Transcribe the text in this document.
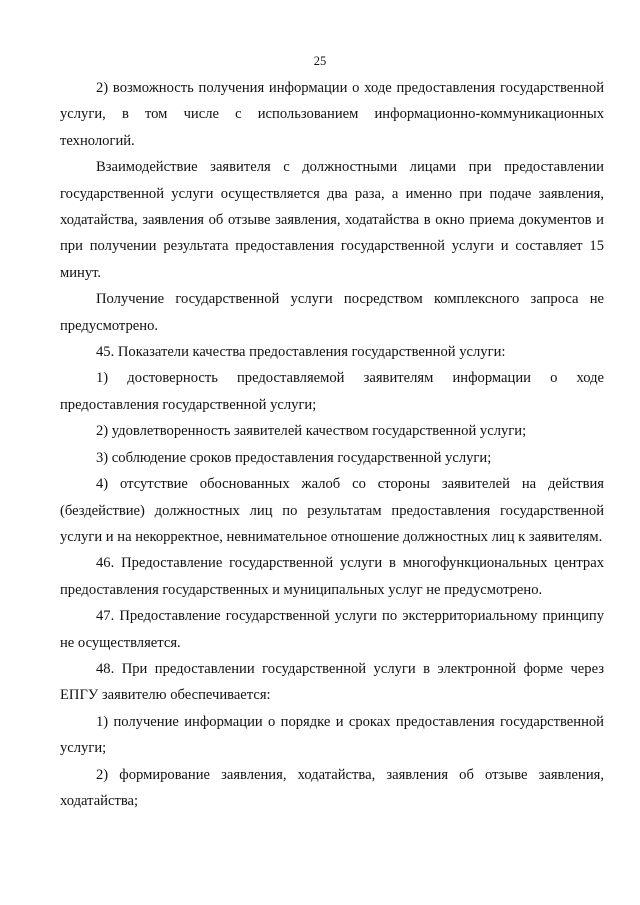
25

2) возможность получения информации о ходе предоставления государственной услуги, в том числе с использованием информационно-коммуникационных технологий.

Взаимодействие заявителя с должностными лицами при предоставлении государственной услуги осуществляется два раза, а именно при подаче заявления, ходатайства, заявления об отзыве заявления, ходатайства в окно приема документов и при получении результата предоставления государственной услуги и составляет 15 минут.

Получение государственной услуги посредством комплексного запроса не предусмотрено.

45. Показатели качества предоставления государственной услуги:

1) достоверность предоставляемой заявителям информации о ходе предоставления государственной услуги;

2) удовлетворенность заявителей качеством государственной услуги;

3) соблюдение сроков предоставления государственной услуги;

4) отсутствие обоснованных жалоб со стороны заявителей на действия (бездействие) должностных лиц по результатам предоставления государственной услуги и на некорректное, невнимательное отношение должностных лиц к заявителям.

46. Предоставление государственной услуги в многофункциональных центрах предоставления государственных и муниципальных услуг не предусмотрено.

47. Предоставление государственной услуги по экстерриториальному принципу не осуществляется.

48. При предоставлении государственной услуги в электронной форме через ЕПГУ заявителю обеспечивается:

1) получение информации о порядке и сроках предоставления государственной услуги;

2) формирование заявления, ходатайства, заявления об отзыве заявления, ходатайства;
